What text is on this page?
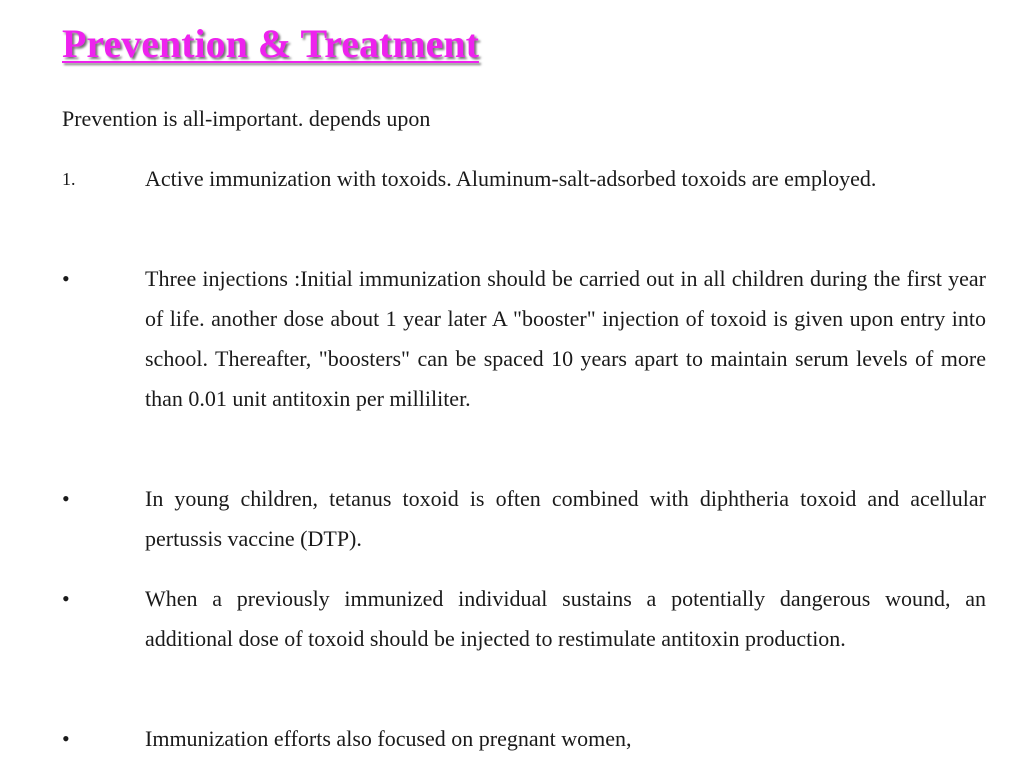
Prevention & Treatment

Prevention is all-important. depends upon

1.	Active immunization with toxoids. Aluminum-salt-adsorbed toxoids are employed.
•	Three injections :Initial immunization should be carried out in all children during the first year of life. another dose about 1 year later A "booster" injection of toxoid is given upon entry into school. Thereafter, "boosters" can be spaced 10 years apart to maintain serum levels of more than 0.01 unit antitoxin per milliliter.
•	In young children, tetanus toxoid is often combined with diphtheria toxoid and acellular pertussis vaccine (DTP).
•	When a previously immunized individual sustains a potentially dangerous wound, an additional dose of toxoid should be injected to restimulate antitoxin production.
•	Immunization efforts also focused on pregnant women,
